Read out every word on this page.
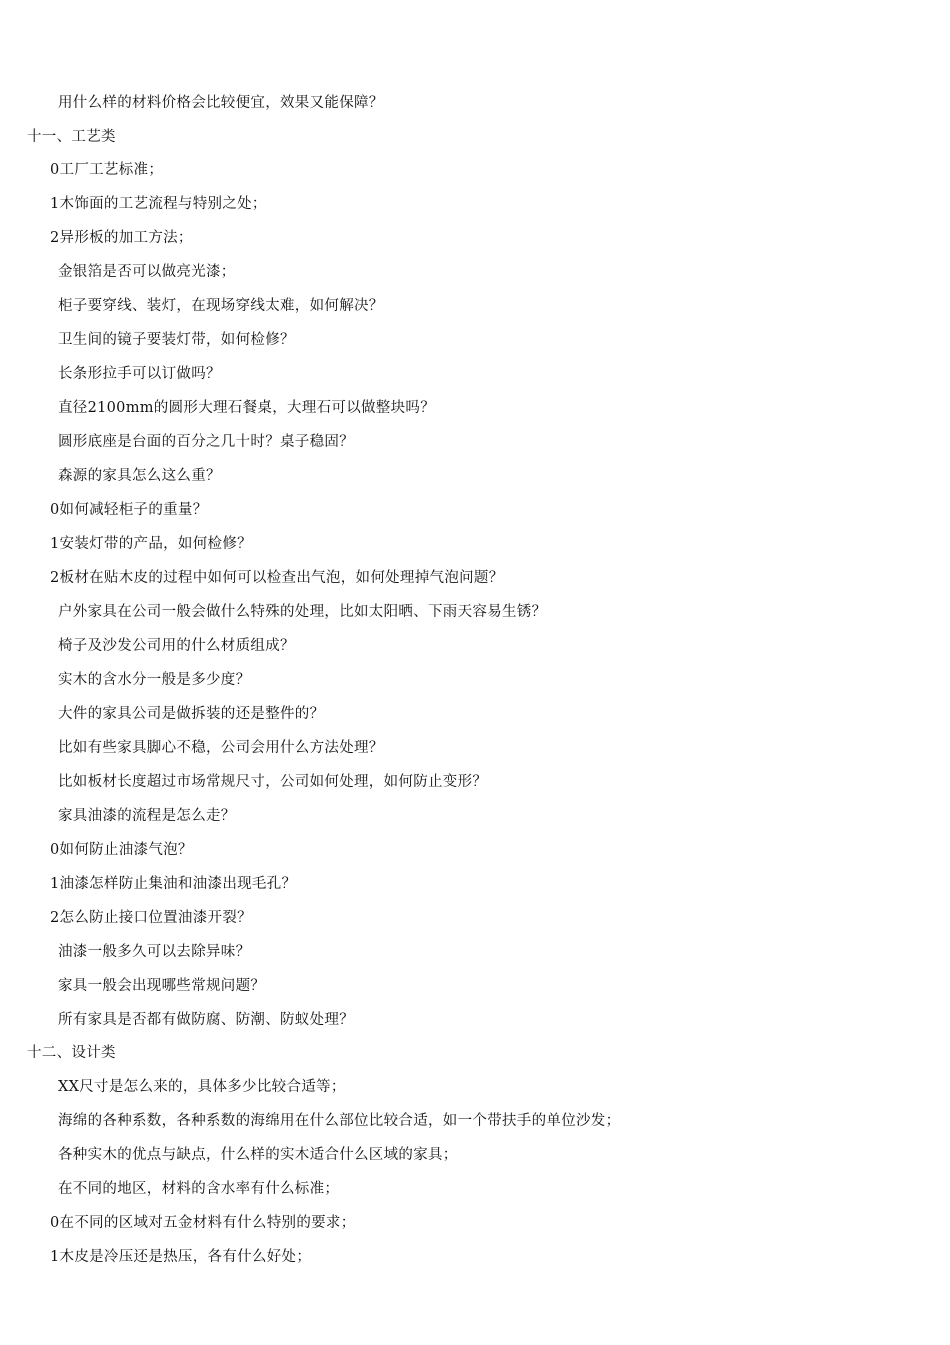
用什么样的材料价格会比较便宜，效果又能保障？
十一、工艺类
0工厂工艺标准；
1木饰面的工艺流程与特别之处；
2异形板的加工方法；
金银箔是否可以做亮光漆；
柜子要穿线、装灯，在现场穿线太难，如何解决？
卫生间的镜子要装灯带，如何检修？
长条形拉手可以订做吗？
直径2100mm的圆形大理石餐桌，大理石可以做整块吗？
圆形底座是台面的百分之几十时？桌子稳固？
森源的家具怎么这么重？
0如何减轻柜子的重量？
1安装灯带的产品，如何检修？
2板材在贴木皮的过程中如何可以检查出气泡，如何处理掉气泡问题？
户外家具在公司一般会做什么特殊的处理，比如太阳晒、下雨天容易生锈？
椅子及沙发公司用的什么材质组成？
实木的含水分一般是多少度？
大件的家具公司是做拆装的还是整件的？
比如有些家具脚心不稳，公司会用什么方法处理？
比如板材长度超过市场常规尺寸，公司如何处理，如何防止变形？
家具油漆的流程是怎么走？
0如何防止油漆气泡？
1油漆怎样防止集油和油漆出现毛孔？
2怎么防止接口位置油漆开裂？
油漆一般多久可以去除异味？
家具一般会出现哪些常规问题？
所有家具是否都有做防腐、防潮、防蚁处理？
十二、设计类
XX尺寸是怎么来的，具体多少比较合适等；
海绵的各种系数，各种系数的海绵用在什么部位比较合适，如一个带扶手的单位沙发；
各种实木的优点与缺点，什么样的实木适合什么区域的家具；
在不同的地区，材料的含水率有什么标准；
0在不同的区域对五金材料有什么特别的要求；
1木皮是冷压还是热压，各有什么好处；
